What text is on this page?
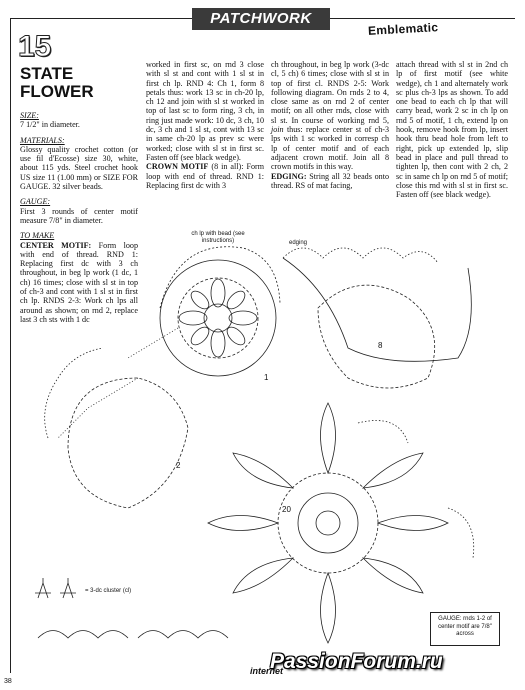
PATCHWORK
Emblematic
15
STATE FLOWER

SIZE:
7 1/2" in diameter.

MATERIALS:
Glossy quality crochet cotton (or use fil d'Ecosse) size 30, white, about 115 yds. Steel crochet hook US size 11 (1.00 mm) or SIZE FOR GAUGE. 32 silver beads.

GAUGE:
First 3 rounds of center motif measure 7/8" in diameter.

TO MAKE
CENTER MOTIF: Form loop with end of thread. RND 1: Replacing first dc with 3 ch throughout, in beg lp work (1 dc, 1 ch) 16 times; close with sl st in top of ch-3 and cont with 1 sl st in first ch lp. RNDS 2-3: Work ch lps all around as shown; on rnd 2, replace last 3 ch sts with 1 dc

worked in first sc, on rnd 3 close with sl st and cont with 1 sl st in first ch lp. RND 4: Ch 1, form 8 petals thus: work 13 sc in ch-20 lp, ch 12 and join with sl st worked in top of last sc to form ring, 3 ch, in ring just made work: 10 dc, 3 ch, 10 dc, 3 ch and 1 sl st, cont with 13 sc in same ch-20 lp as prev sc were worked; close with sl st in first sc. Fasten off (see black wedge).
CROWN MOTIF (8 in all): Form loop with end of thread. RND 1: Replacing first dc with 3
ch throughout, in beg lp work (3-dc cl, 5 ch) 6 times; close with sl st in top of first cl. RNDS 2-5: Work following diagram. On rnds 2 to 4, close same as on rnd 2 of center motif; on all other rnds, close with sl st. In course of working rnd 5, join thus: replace center st of ch-3 lps with 1 sc worked in corresp ch lp of center motif and of each adjacent crown motif. Join all 8 crown motifs in this way.
EDGING: String all 32 beads onto thread. RS of mat facing,
attach thread with sl st in 2nd ch lp of first motif (see white wedge), ch 1 and alternately work sc plus ch-3 lps as shown. To add one bead to each ch lp that will carry bead, work 2 sc in ch lp on rnd 5 of motif, 1 ch, extend lp on hook, remove hook from lp, insert hook thru bead hole from left to right, pick up extended lp, slip bead in place and pull thread to tighten lp, then cont with 2 ch, 2 sc in same ch lp on rnd 5 of motif; close this rnd with sl st in first sc. Fasten off (see black wedge).
ch lp with bead (see instructions)	edging
1
2
8
20
= 3-dc cluster (cl)
GAUGE: rnds 1-2 of center motif are 7/8" across
38
internet
PassionForum.ru
